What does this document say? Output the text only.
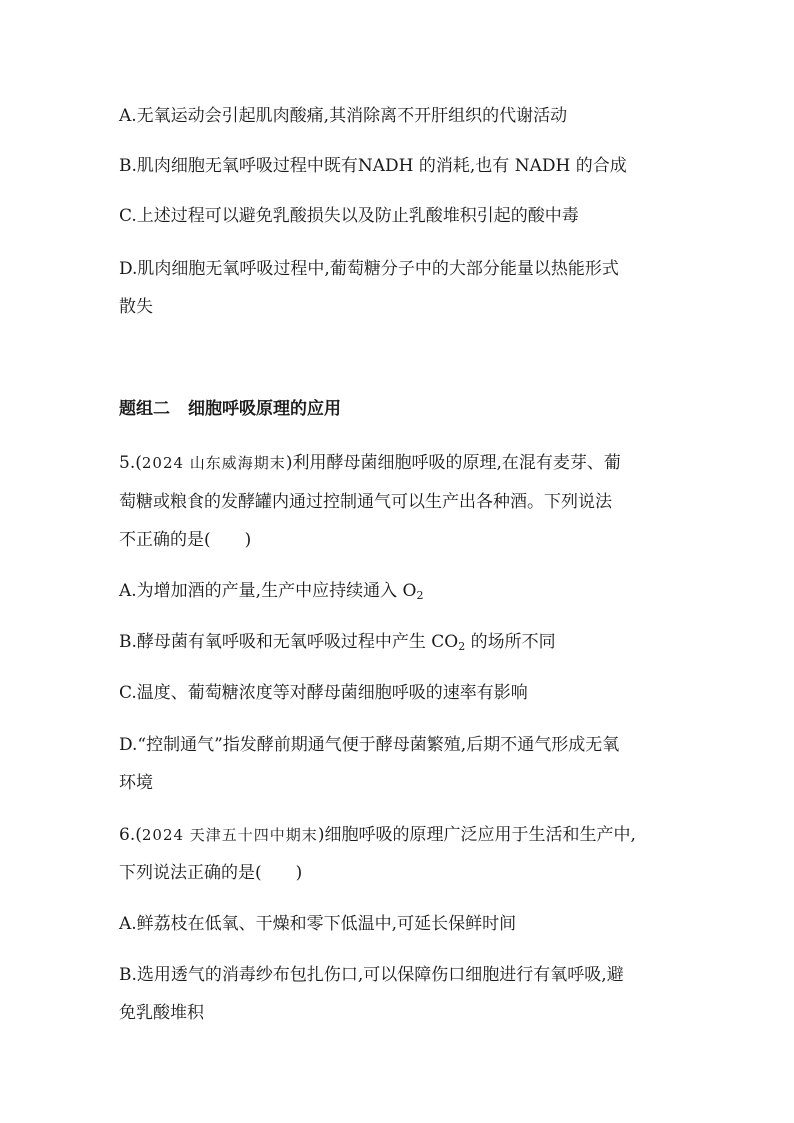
A.无氧运动会引起肌肉酸痛,其消除离不开肝组织的代谢活动
B.肌肉细胞无氧呼吸过程中既有NADH 的消耗,也有 NADH 的合成
C.上述过程可以避免乳酸损失以及防止乳酸堆积引起的酸中毒
D.肌肉细胞无氧呼吸过程中,葡萄糖分子中的大部分能量以热能形式
散失
题组二 细胞呼吸原理的应用
5.(2024 山东威海期末)利用酵母菌细胞呼吸的原理,在混有麦芽、葡
萄糖或粮食的发酵罐内通过控制通气可以生产出各种酒。下列说法
不正确的是(　　)
A.为增加酒的产量,生产中应持续通入 $O_2$
B.酵母菌有氧呼吸和无氧呼吸过程中产生 $CO_2$ 的场所不同
C.温度、葡萄糖浓度等对酵母菌细胞呼吸的速率有影响
D.“控制通气”指发酵前期通气便于酵母菌繁殖,后期不通气形成无氧
环境
6.(2024 天津五十四中期末)细胞呼吸的原理广泛应用于生活和生产中,
下列说法正确的是(　　)
A.鲜荔枝在低氧、干燥和零下低温中,可延长保鲜时间
B.选用透气的消毒纱布包扎伤口,可以保障伤口细胞进行有氧呼吸,避
免乳酸堆积
